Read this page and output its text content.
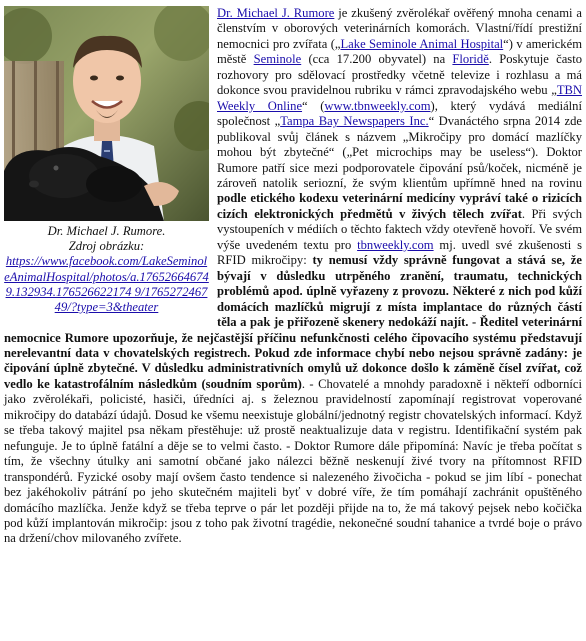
Dr. Michael J. Rumore.
Zdroj obrázku:
https://www.facebook.com/LakeSeminoleAnimalHospital/photos/a.176526646749.132934.176526622174 9/176527246749/?type=3&theater

Dr. Michael J. Rumore je zkušený zvěrolékař ověřený mnoha cenami a členstvím v oborových veterinárních komorách. Vlastní/řídí prestižní nemocnici pro zvířata („Lake Seminole Animal Hospital“) v americkém městě Seminole (cca 17.200 obyvatel) na Floridě. Poskytuje často rozhovory pro sdělovací prostředky včetně televize i rozhlasu a má dokonce svou pravidelnou rubriku v rámci zpravodajského webu „TBN Weekly Online“ (www.tbnweekly.com), který vydává mediální společnost „Tampa Bay Newspapers Inc.“ Dvanáctého srpna 2014 zde publikoval svůj článek s názvem „Mikročipy pro domácí mazlíčky mohou být zbytečné“ („Pet microchips may be useless“). Doktor Rumore patří sice mezi podporovatele čipování psů/koček, nicméně je zároveň natolik seriozní, že svým klientům upřímně hned na rovinu podle etického kodexu veterinární medicíny vypráví také o rizicích cizích elektronických předmětů v živých tělech zvířat. Při svých vystoupeních v médiích o těchto faktech vždy otevřeně hovoří. Ve svém výše uvedeném textu pro tbnweekly.com mj. uvedl své zkušenosti s RFID mikročipy: ty nemusí vždy správně fungovat a stává se, že bývají v důsledku utrpěného zranění, traumatu, technických problémů apod. úplně vyřazeny z provozu. Některé z nich pod kůží domácích mazlíčků migrují z místa implantace do různých částí těla a pak je přiřozeně skenery nedokáží najít. - Ředitel veterinární nemocnice Rumore upozorňuje, že nejčastější příčinu nefunkčnosti celého čipovacího systému představují nerelevantní data v chovatelských registrech. Pokud zde informace chybí nebo nejsou správně zadány: je čipování úplně zbytečné. V důsledku administrativních omylů už dokonce došlo k záměně čísel zvířat, což vedlo ke katastrofálním následkům (soudním sporům). - Chovatelé a mnohdy paradoxně i někteří odborníci jako zvěrolékaři, policisté, hasiči, úředníci aj. s železnou pravidelností zapomínají registrovat voperované mikročipy do databází údajů. Dosud ke všemu neexistuje globální/jednotný registr chovatelských informací. Když se třeba takový majitel psa někam přestěhuje: už prostě neaktualizuje data v registru. Identifikační systém pak nefunguje. Je to úplně fatální a děje se to velmi často. - Doktor Rumore dále připomíná: Navíc je třeba počítat s tím, že všechny útulky ani samotní občané jako nálezci běžně neskenují živé tvory na přítomnost RFID transpondérů. Fyzické osoby mají ovšem často tendence si nalezeného živočicha - pokud se jim líbí - ponechat bez jakéhokoliv pátrání po jeho skutečném majiteli byť v dobré víře, že tím pomáhají zachránit opuštěného domácího mazlíčka. Jenže když se třeba teprve o pár let později přijde na to, že má takový pejsek nebo kočička pod kůží implantován mikročip: jsou z toho pak životní tragédie, nekonečné soudní tahanice a tvrdé boje o právo na držení/chov milovaného zvířete.
